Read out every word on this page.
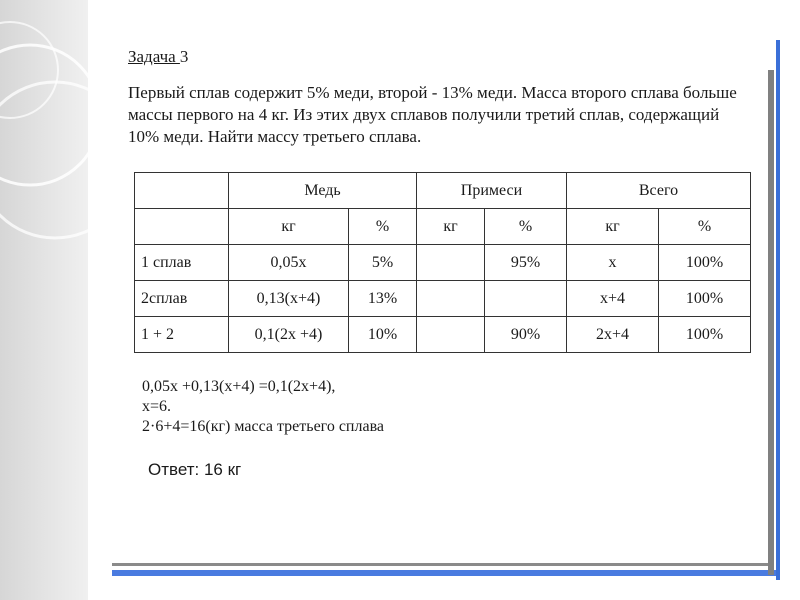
Задача 3
Первый сплав содержит 5% меди, второй - 13% меди. Масса второго сплава больше массы первого на 4 кг. Из этих двух сплавов получили третий сплав, содержащий 10% меди. Найти массу третьего сплава.
	Медь		Примеси		Всего	
	кг	%	кг	%	кг	%
1 сплав	0,05x	5%		95%	x	100%
2сплав	0,13(x+4)	13%			x+4	100%
1 + 2	0,1(2x +4)	10%		90%	2x+4	100%
0,05x +0,13(x+4) =0,1(2x+4),
x=6.
2·6+4=16(кг) масса третьего сплава
Ответ: 16 кг
